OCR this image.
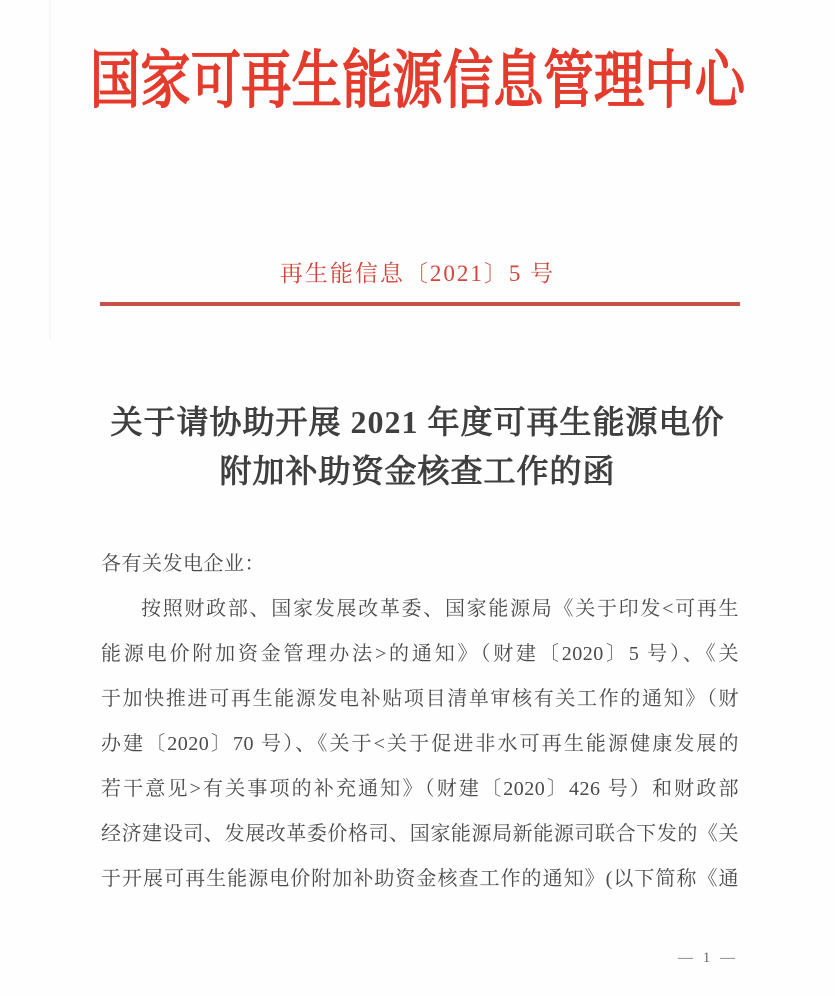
国家可再生能源信息管理中心
再生能信息〔2021〕5 号
关于请协助开展 2021 年度可再生能源电价
附加补助资金核查工作的函
各有关发电企业：
按照财政部、国家发展改革委、国家能源局《关于印发<可再生
能源电价附加资金管理办法>的通知》（财建〔2020〕5 号）、《关
于加快推进可再生能源发电补贴项目清单审核有关工作的通知》（财
办建〔2020〕70 号）、《关于<关于促进非水可再生能源健康发展的
若干意见>有关事项的补充通知》（财建〔2020〕426 号）和财政部
经济建设司、发展改革委价格司、国家能源局新能源司联合下发的《关
于开展可再生能源电价附加补助资金核查工作的通知》(以下简称《通
— 1 —
